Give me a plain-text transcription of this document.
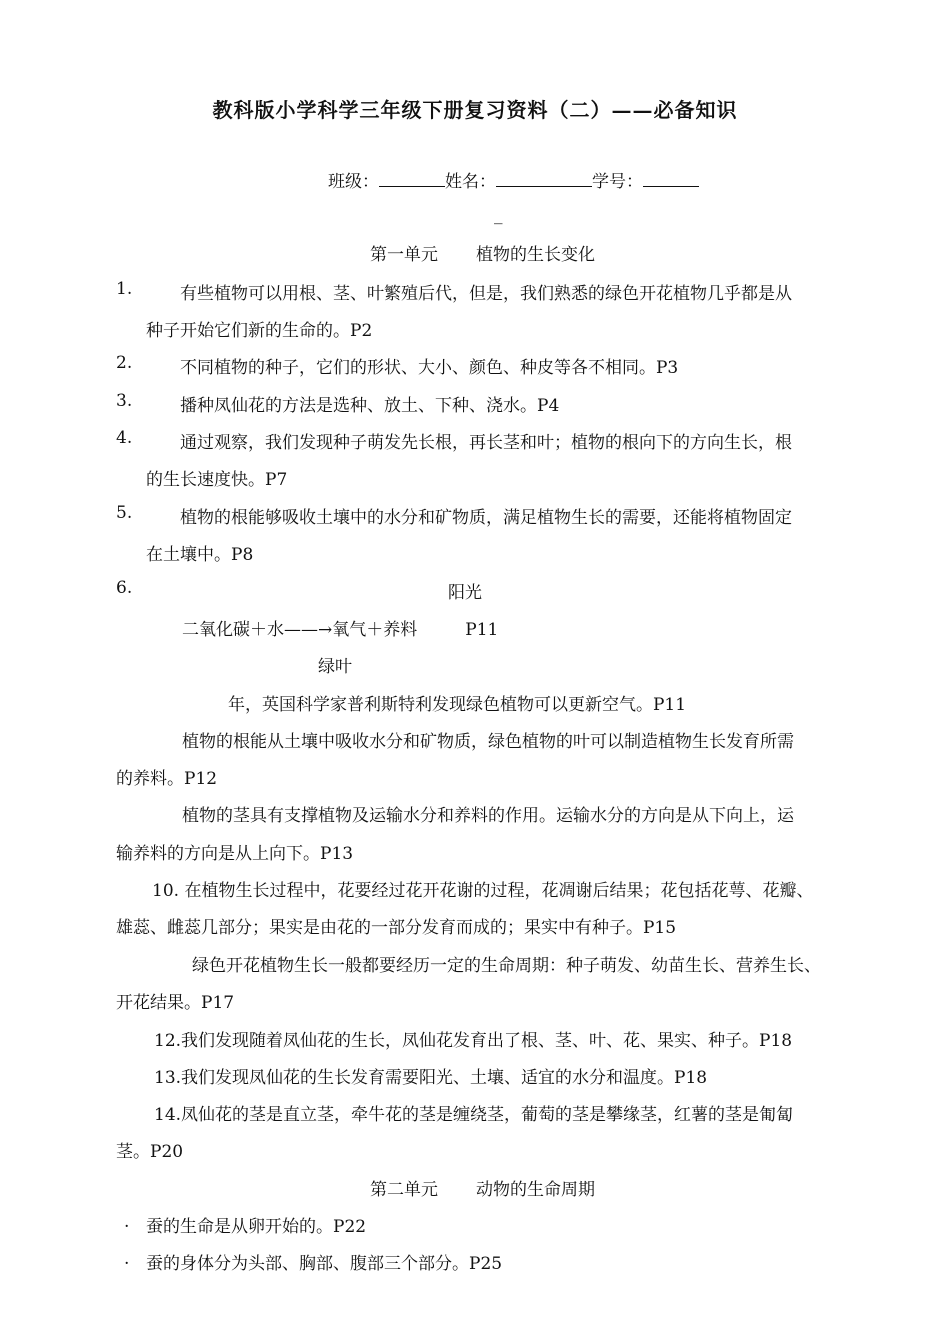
教科版小学科学三年级下册复习资料（二）——必备知识
班级：	姓名：	学号：
_
第一单元 植物的生长变化
1.	有些植物可以用根、茎、叶繁殖后代，但是，我们熟悉的绿色开花植物几乎都是从
种子开始它们新的生命的。P2
2.	不同植物的种子，它们的形状、大小、颜色、种皮等各不相同。P3
3.	播种凤仙花的方法是选种、放土、下种、浇水。P4
4.	通过观察，我们发现种子萌发先长根，再长茎和叶；植物的根向下的方向生长，根
的生长速度快。P7
5.	植物的根能够吸收土壤中的水分和矿物质，满足植物生长的需要，还能将植物固定
在土壤中。P8
6.	阳光
二氧化碳＋水——→氧气＋养料	P11
绿叶
年，英国科学家普利斯特利发现绿色植物可以更新空气。P11
植物的根能从土壤中吸收水分和矿物质，绿色植物的叶可以制造植物生长发育所需
的养料。P12
植物的茎具有支撑植物及运输水分和养料的作用。运输水分的方向是从下向上，运
输养料的方向是从上向下。P13
10. 在植物生长过程中，花要经过花开花谢的过程，花凋谢后结果；花包括花萼、花瓣、
雄蕊、雌蕊几部分；果实是由花的一部分发育而成的；果实中有种子。P15
绿色开花植物生长一般都要经历一定的生命周期：种子萌发、幼苗生长、营养生长、
开花结果。P17
12.我们发现随着凤仙花的生长，凤仙花发育出了根、茎、叶、花、果实、种子。P18
13.我们发现凤仙花的生长发育需要阳光、土壤、适宜的水分和温度。P18
14.凤仙花的茎是直立茎，牵牛花的茎是缠绕茎，葡萄的茎是攀缘茎，红薯的茎是匍匐
茎。P20
第二单元 动物的生命周期
. 蚕的生命是从卵开始的。P22
. 蚕的身体分为头部、胸部、腹部三个部分。P25
